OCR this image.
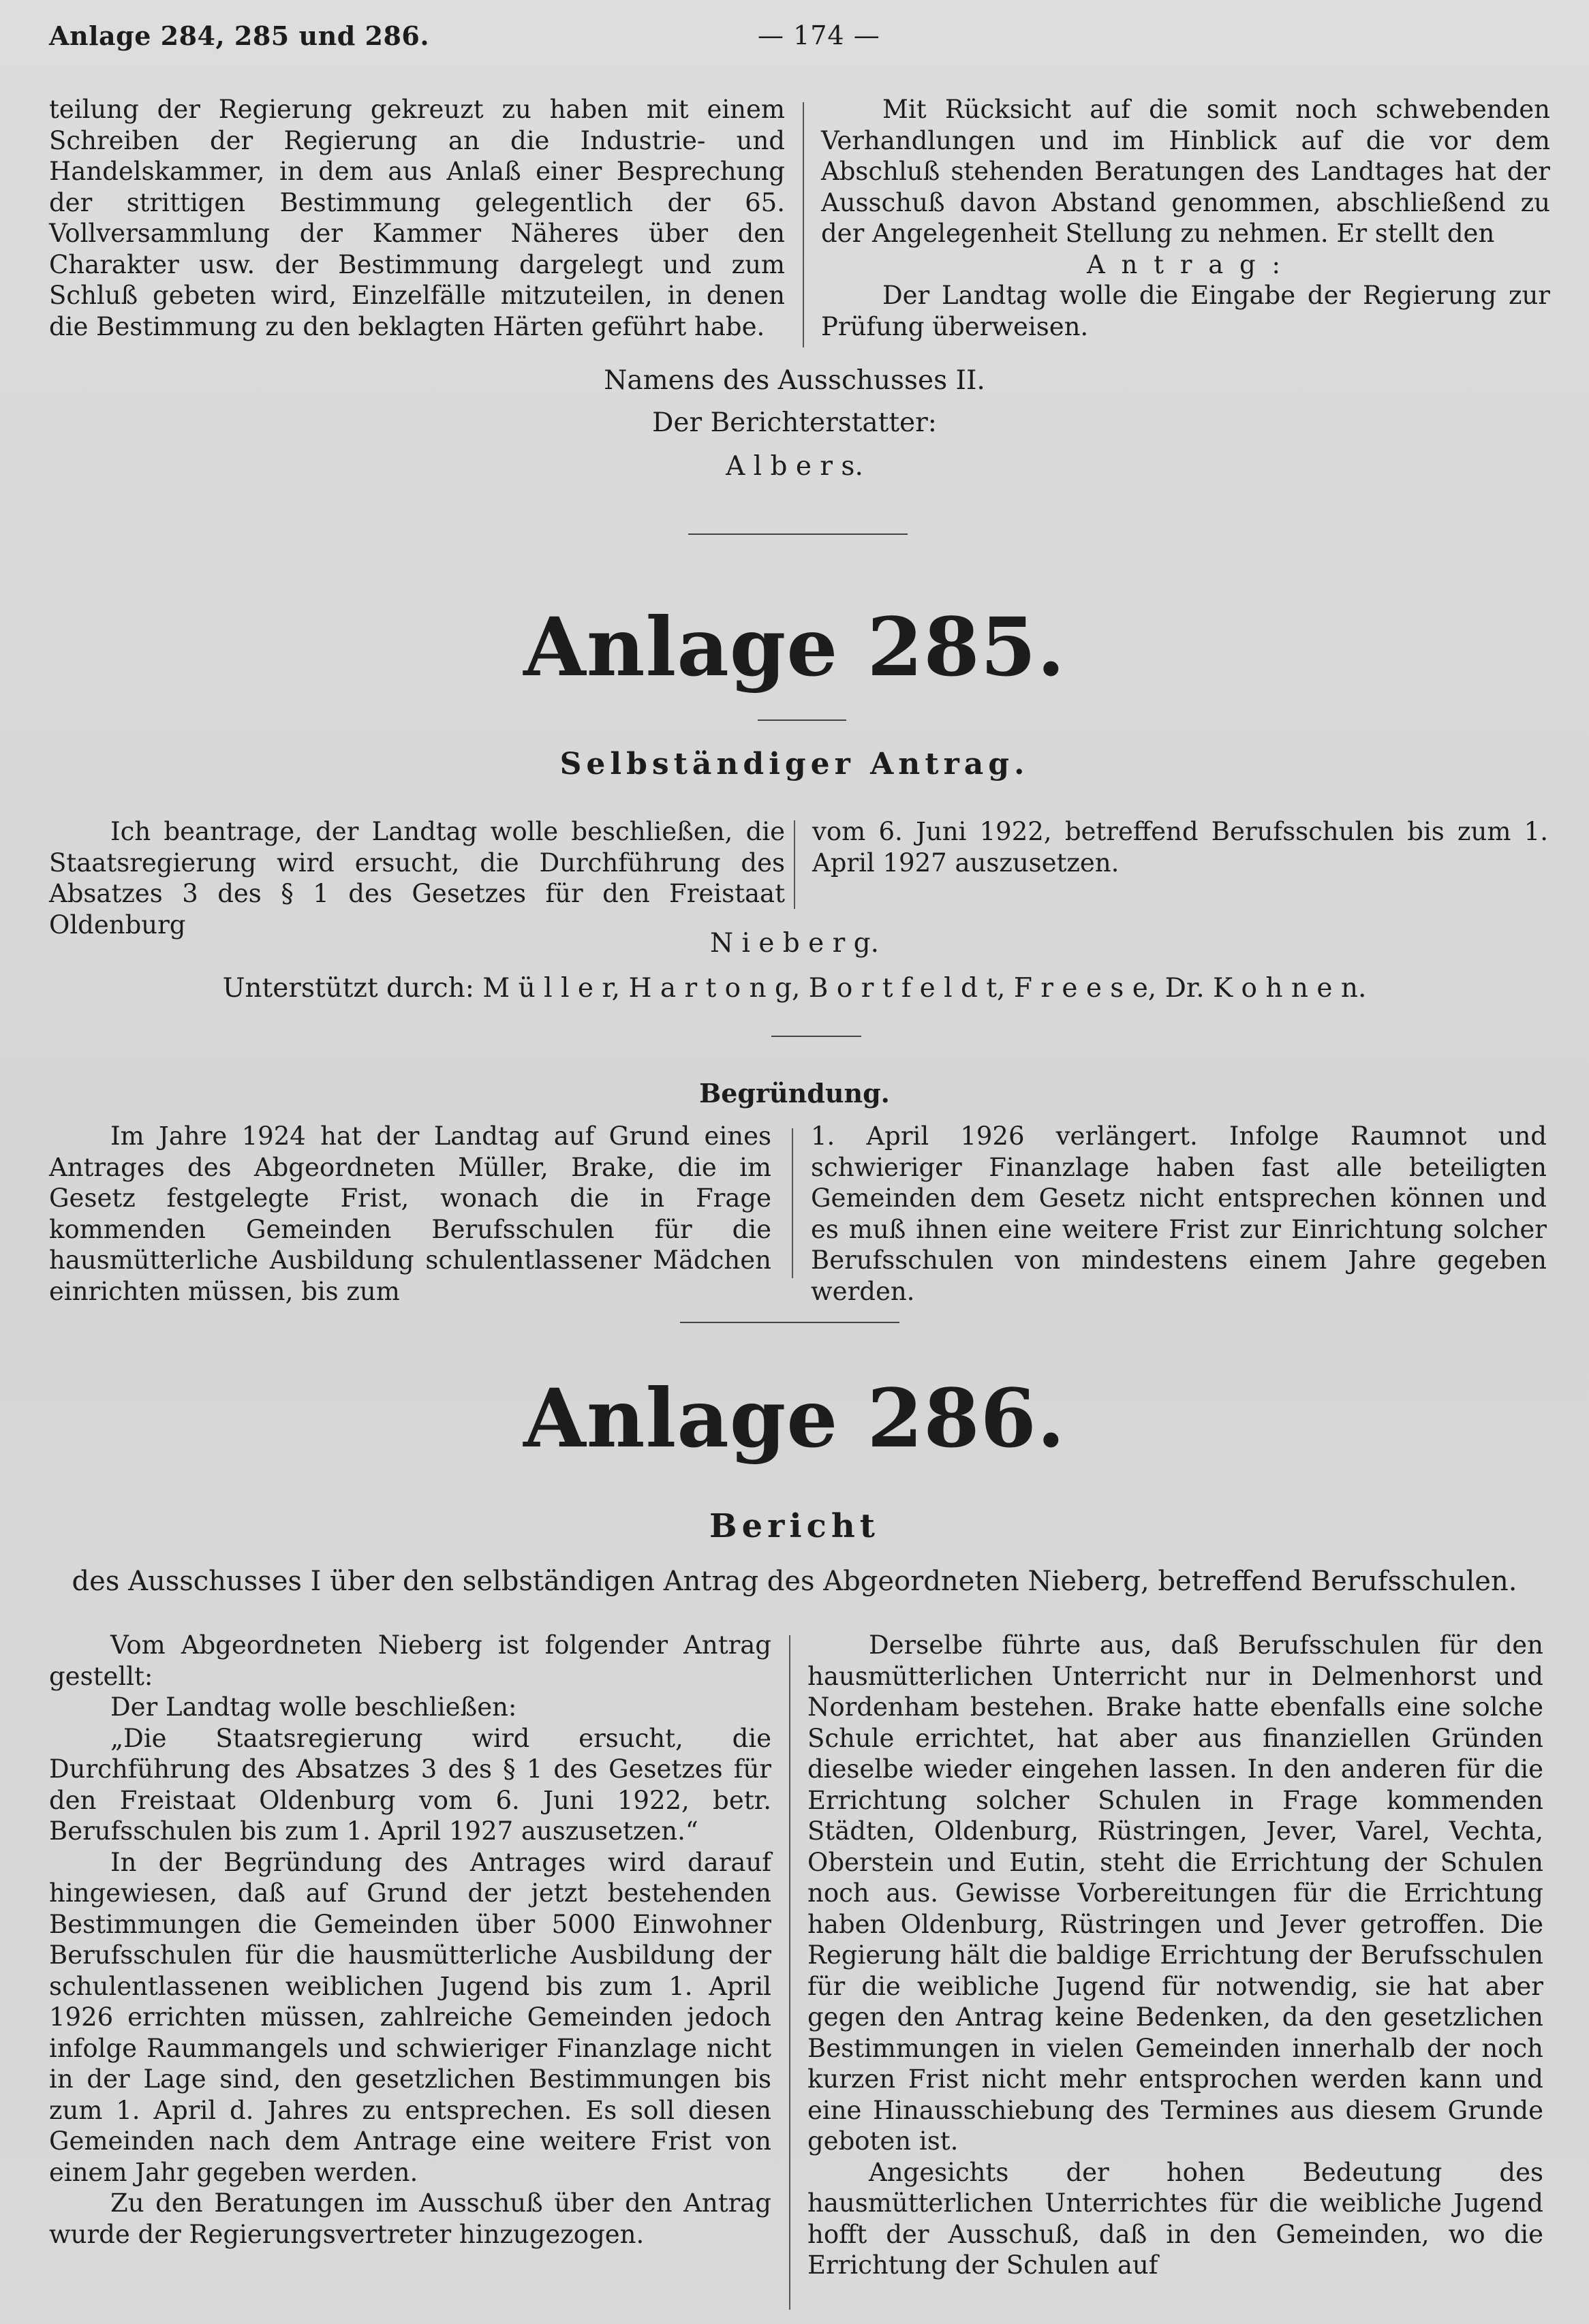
Anlage 284, 285 und 286.	— 174 —

teilung der Regierung gekreuzt zu haben mit einem Schreiben der Regierung an die Industrie- und Handelskammer, in dem aus Anlaß einer Besprechung der strittigen Bestimmung gelegentlich der 65. Vollversammlung der Kammer Näheres über den Charakter usw. der Bestimmung dargelegt und zum Schluß gebeten wird, Einzelfälle mitzuteilen, in denen die Bestimmung zu den beklagten Härten geführt habe.

Mit Rücksicht auf die somit noch schwebenden Verhandlungen und im Hinblick auf die vor dem Abschluß stehenden Beratungen des Landtages hat der Ausschuß davon Abstand genommen, abschließend zu der Angelegenheit Stellung zu nehmen. Er stellt den

A n t r a g :

Der Landtag wolle die Eingabe der Regierung zur Prüfung überweisen.

Namens des Ausschusses II.
Der Berichterstatter:
A l b e r s.
Anlage 285.
Selbständiger Antrag.

Ich beantrage, der Landtag wolle beschließen, die Staatsregierung wird ersucht, die Durchführung des Absatzes 3 des § 1 des Gesetzes für den Freistaat Oldenburg

vom 6. Juni 1922, betreffend Berufsschulen bis zum 1. April 1927 auszusetzen.

N i e b e r g.
Unterstützt durch: M ü l l e r, H a r t o n g, B o r t f e l d t, F r e e s e, Dr. K o h n e n.
Begründung.

Im Jahre 1924 hat der Landtag auf Grund eines Antrages des Abgeordneten Müller, Brake, die im Gesetz festgelegte Frist, wonach die in Frage kommenden Gemeinden Berufsschulen für die hausmütterliche Ausbildung schulentlassener Mädchen einrichten müssen, bis zum

1. April 1926 verlängert. Infolge Raumnot und schwieriger Finanzlage haben fast alle beteiligten Gemeinden dem Gesetz nicht entsprechen können und es muß ihnen eine weitere Frist zur Einrichtung solcher Berufsschulen von mindestens einem Jahre gegeben werden.

Anlage 286.
Bericht
des Ausschusses I über den selbständigen Antrag des Abgeordneten Nieberg, betreffend Berufsschulen.

Vom Abgeordneten Nieberg ist folgender Antrag gestellt:

Der Landtag wolle beschließen:

„Die Staatsregierung wird ersucht, die Durchführung des Absatzes 3 des § 1 des Gesetzes für den Freistaat Oldenburg vom 6. Juni 1922, betr. Berufsschulen bis zum 1. April 1927 auszusetzen.“

In der Begründung des Antrages wird darauf hingewiesen, daß auf Grund der jetzt bestehenden Bestimmungen die Gemeinden über 5000 Einwohner Berufsschulen für die hausmütterliche Ausbildung der schulentlassenen weiblichen Jugend bis zum 1. April 1926 errichten müssen, zahlreiche Gemeinden jedoch infolge Raummangels und schwieriger Finanzlage nicht in der Lage sind, den gesetzlichen Bestimmungen bis zum 1. April d. Jahres zu entsprechen. Es soll diesen Gemeinden nach dem Antrage eine weitere Frist von einem Jahr gegeben werden.

Zu den Beratungen im Ausschuß über den Antrag wurde der Regierungsvertreter hinzugezogen.

Derselbe führte aus, daß Berufsschulen für den hausmütterlichen Unterricht nur in Delmenhorst und Nordenham bestehen. Brake hatte ebenfalls eine solche Schule errichtet, hat aber aus finanziellen Gründen dieselbe wieder eingehen lassen. In den anderen für die Errichtung solcher Schulen in Frage kommenden Städten, Oldenburg, Rüstringen, Jever, Varel, Vechta, Oberstein und Eutin, steht die Errichtung der Schulen noch aus. Gewisse Vorbereitungen für die Errichtung haben Oldenburg, Rüstringen und Jever getroffen. Die Regierung hält die baldige Errichtung der Berufsschulen für die weibliche Jugend für notwendig, sie hat aber gegen den Antrag keine Bedenken, da den gesetzlichen Bestimmungen in vielen Gemeinden innerhalb der noch kurzen Frist nicht mehr entsprochen werden kann und eine Hinausschiebung des Termines aus diesem Grunde geboten ist.

Angesichts der hohen Bedeutung des hausmütterlichen Unterrichtes für die weibliche Jugend hofft der Ausschuß, daß in den Gemeinden, wo die Errichtung der Schulen auf
